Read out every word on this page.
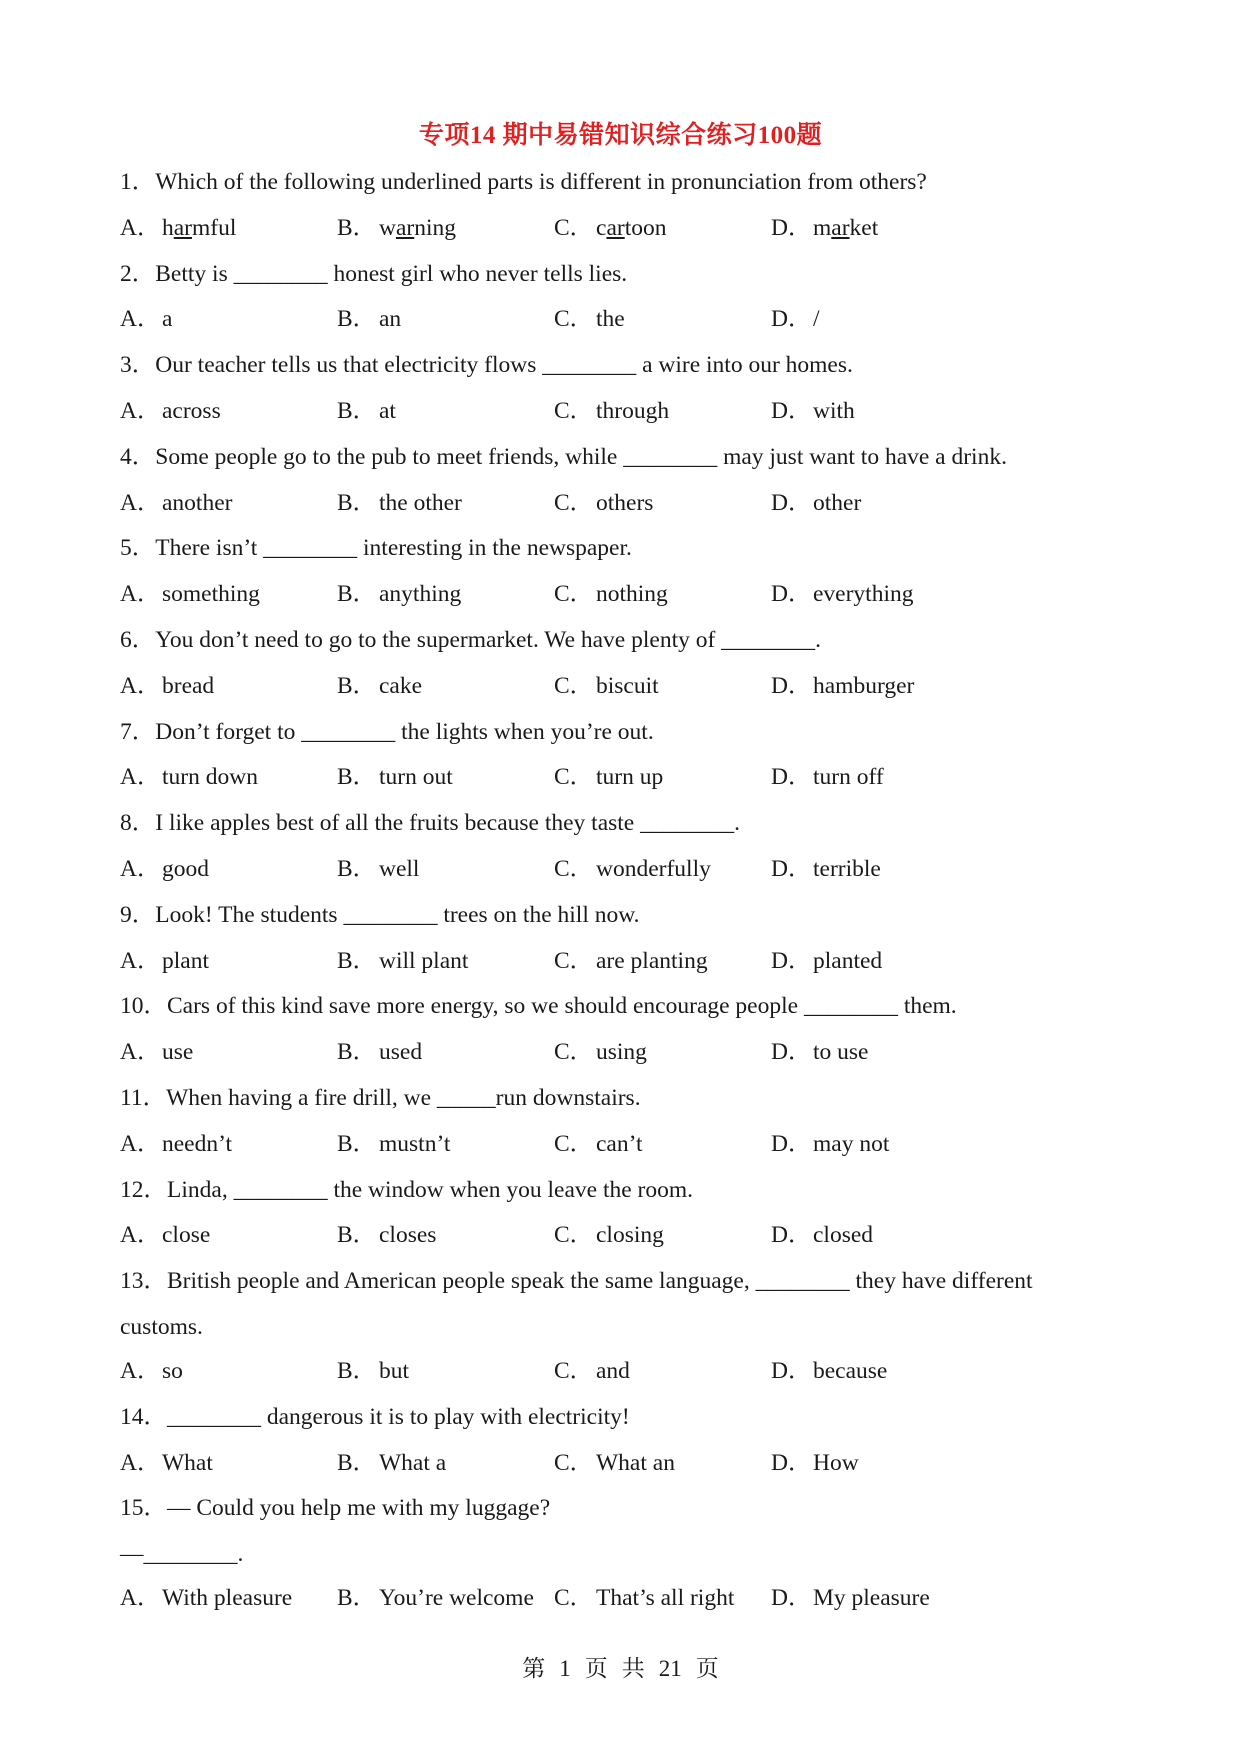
专项14 期中易错知识综合练习100题
1．Which of the following underlined parts is different in pronunciation from others?
A．harmful	B． warning	C． cartoon	D．market
2．Betty is ________ honest girl who never tells lies.
A．a	B． an	C． the	D．/
3．Our teacher tells us that electricity flows ________ a wire into our homes.
A．across	B． at	C． through	D．with
4．Some people go to the pub to meet friends, while ________ may just want to have a drink.
A．another	B． the other	C． others	D．other
5．There isn’t ________ interesting in the newspaper.
A．something	B． anything	C． nothing	D．everything
6．You don’t need to go to the supermarket. We have plenty of ________.
A．bread	B． cake	C． biscuit	D．hamburger
7．Don’t forget to ________ the lights when you’re out.
A．turn down	B． turn out	C． turn up	D．turn off
8．I like apples best of all the fruits because they taste ________.
A．good	B． well	C． wonderfully	D．terrible
9．Look! The students ________ trees on the hill now.
A．plant	B． will plant	C． are planting	D．planted
10．Cars of this kind save more energy, so we should encourage people ________ them.
A．use	B． used	C． using	D．to use
11．When having a fire drill, we _____run downstairs.
A．needn’t	B． mustn’t	C． can’t	D．may not
12．Linda, ________ the window when you leave the room.
A．close	B． closes	C． closing	D．closed
13．British people and American people speak the same language, ________ they have different
customs.
A．so	B． but	C． and	D．because
14．________ dangerous it is to play with electricity!
A．What	B． What a	C． What an	D．How
15．— Could you help me with my luggage?
—________.
A．With pleasure	B． You’re welcome C． That’s all right	D．My pleasure
第 1 页 共 21 页
